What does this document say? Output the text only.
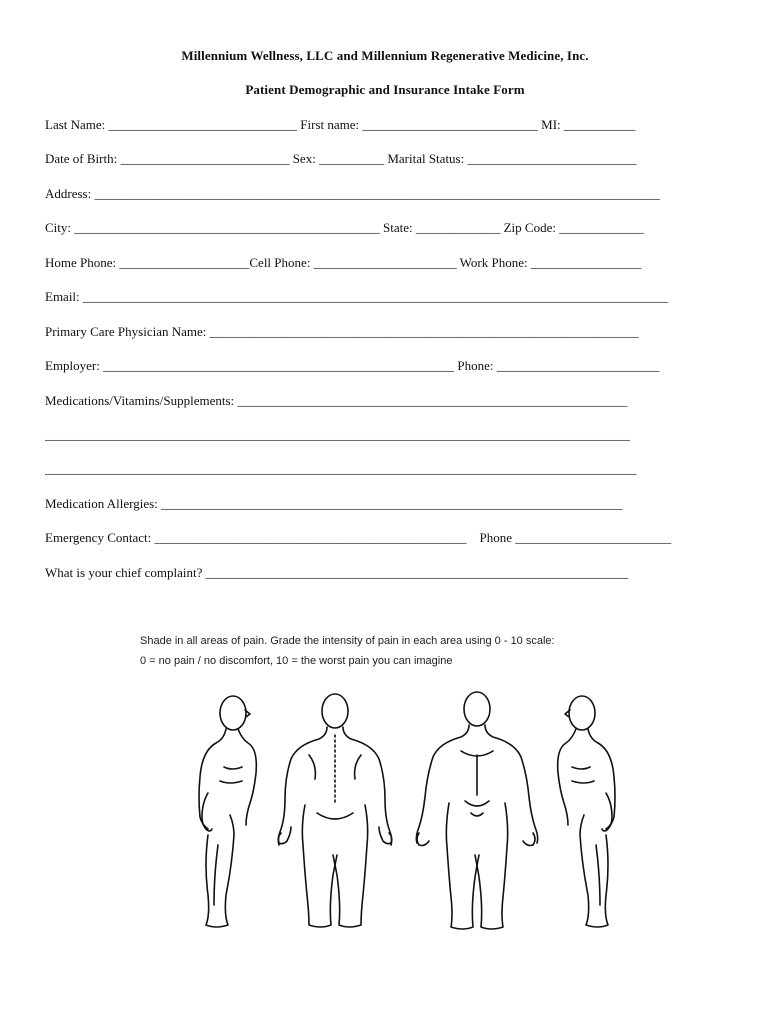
Millennium Wellness, LLC and Millennium Regenerative Medicine, Inc.
Patient Demographic and Insurance Intake Form
Last Name: _____________________________ First name: ___________________________ MI: ___________
Date of Birth: __________________________ Sex: __________ Marital Status: __________________________
Address: _______________________________________________________________________________________
City: _______________________________________________ State: _____________ Zip Code: _____________
Home Phone: ____________________Cell Phone: ______________________ Work Phone: _________________
Email: __________________________________________________________________________________________
Primary Care Physician Name: __________________________________________________________________
Employer: ______________________________________________________ Phone: _________________________
Medications/Vitamins/Supplements: ____________________________________________________________
__________________________________________________________________________________________
___________________________________________________________________________________________
Medication Allergies: _______________________________________________________________________
Emergency Contact: ________________________________________________    Phone ________________________
What is your chief complaint? _________________________________________________________________
Shade in all areas of pain. Grade the intensity of pain in each area using 0 - 10 scale:
0 = no pain / no discomfort, 10 = the worst pain you can imagine
